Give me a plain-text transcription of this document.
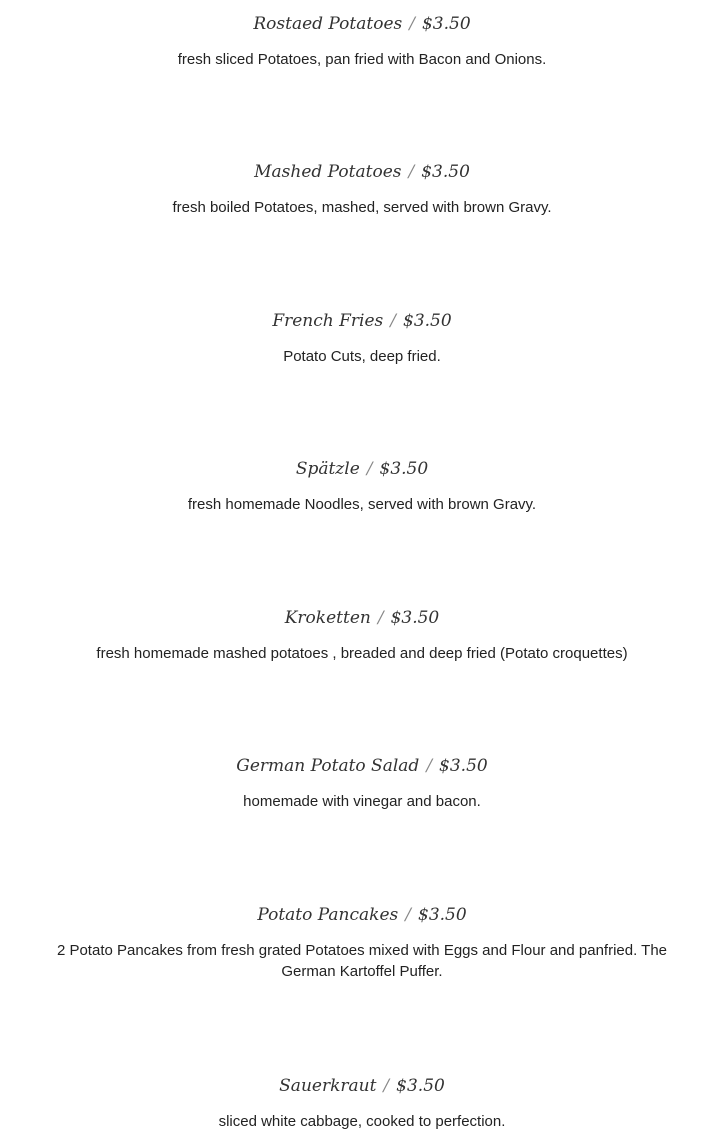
Rostaed Potatoes / $3.50

fresh sliced Potatoes, pan fried with Bacon and Onions.

Mashed Potatoes / $3.50

fresh boiled Potatoes, mashed, served with brown Gravy.

French Fries / $3.50

Potato Cuts, deep fried.

Spätzle / $3.50

fresh homemade Noodles, served with brown Gravy.

Kroketten / $3.50

fresh homemade mashed potatoes , breaded and deep fried (Potato croquettes)

German Potato Salad / $3.50

homemade with vinegar and bacon.

Potato Pancakes / $3.50

2 Potato Pancakes from fresh grated Potatoes mixed with Eggs and Flour and panfried. The German Kartoffel Puffer.

Sauerkraut / $3.50

sliced white cabbage, cooked to perfection.
